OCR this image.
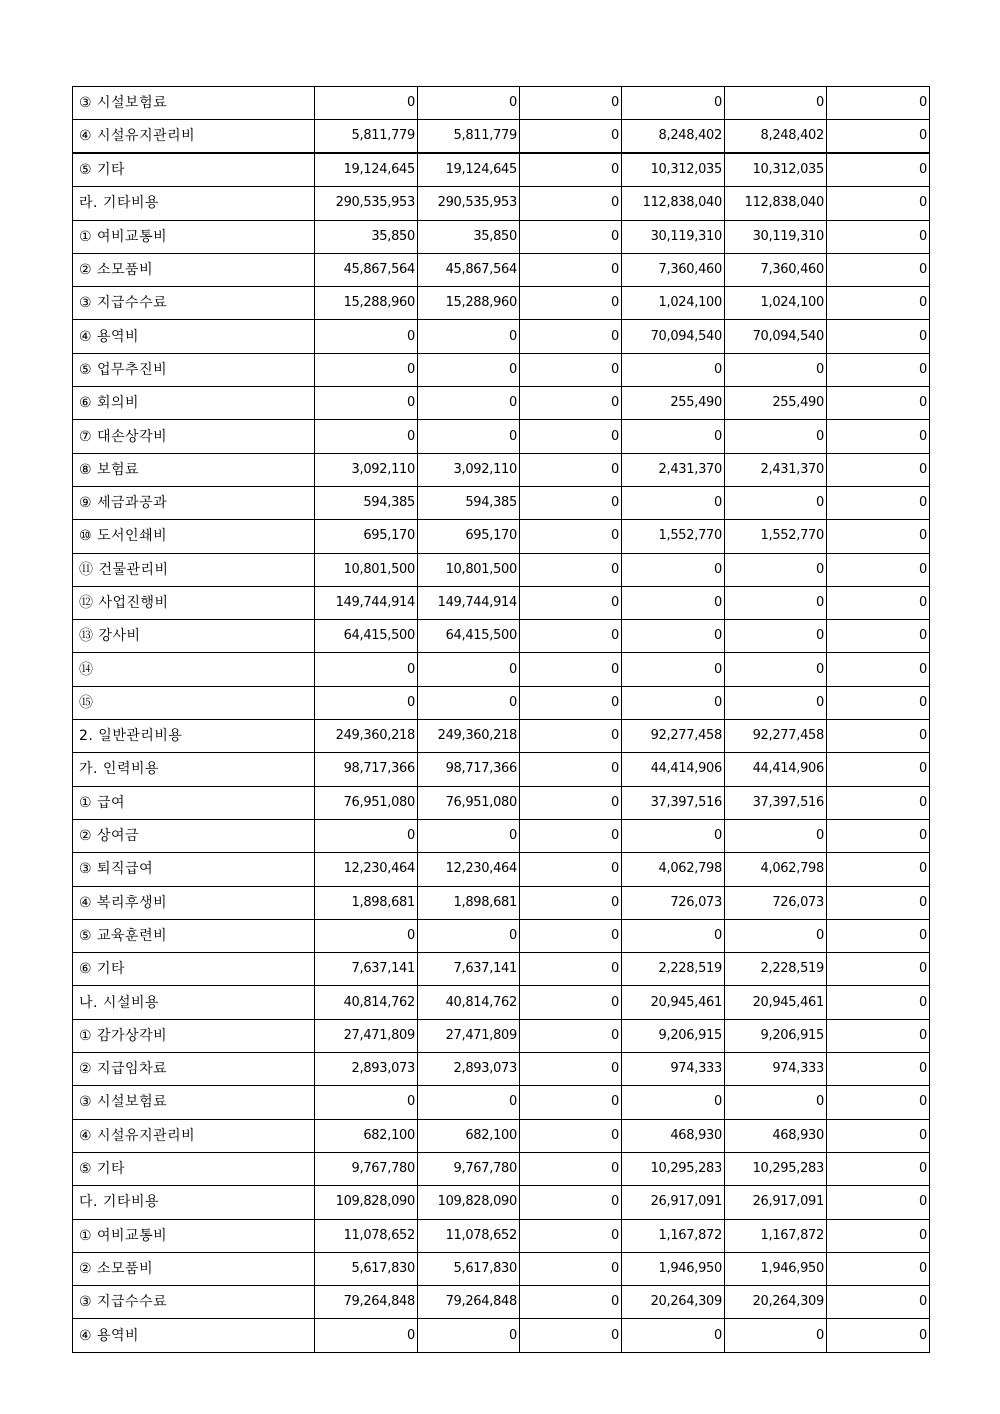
③ 시설보험료	0	0	0	0	0	0
④ 시설유지관리비	5,811,779	5,811,779	0	8,248,402	8,248,402	0
⑤ 기타	19,124,645	19,124,645	0	10,312,035	10,312,035	0
라. 기타비용	290,535,953	290,535,953	0	112,838,040	112,838,040	0
① 여비교통비	35,850	35,850	0	30,119,310	30,119,310	0
② 소모품비	45,867,564	45,867,564	0	7,360,460	7,360,460	0
③ 지급수수료	15,288,960	15,288,960	0	1,024,100	1,024,100	0
④ 용역비	0	0	0	70,094,540	70,094,540	0
⑤ 업무추진비	0	0	0	0	0	0
⑥ 회의비	0	0	0	255,490	255,490	0
⑦ 대손상각비	0	0	0	0	0	0
⑧ 보험료	3,092,110	3,092,110	0	2,431,370	2,431,370	0
⑨ 세금과공과	594,385	594,385	0	0	0	0
⑩ 도서인쇄비	695,170	695,170	0	1,552,770	1,552,770	0
⑪ 건물관리비	10,801,500	10,801,500	0	0	0	0
⑫ 사업진행비	149,744,914	149,744,914	0	0	0	0
⑬ 강사비	64,415,500	64,415,500	0	0	0	0
⑭	0	0	0	0	0	0
⑮	0	0	0	0	0	0
2. 일반관리비용	249,360,218	249,360,218	0	92,277,458	92,277,458	0
가. 인력비용	98,717,366	98,717,366	0	44,414,906	44,414,906	0
① 급여	76,951,080	76,951,080	0	37,397,516	37,397,516	0
② 상여금	0	0	0	0	0	0
③ 퇴직급여	12,230,464	12,230,464	0	4,062,798	4,062,798	0
④ 복리후생비	1,898,681	1,898,681	0	726,073	726,073	0
⑤ 교육훈련비	0	0	0	0	0	0
⑥ 기타	7,637,141	7,637,141	0	2,228,519	2,228,519	0
나. 시설비용	40,814,762	40,814,762	0	20,945,461	20,945,461	0
① 감가상각비	27,471,809	27,471,809	0	9,206,915	9,206,915	0
② 지급임차료	2,893,073	2,893,073	0	974,333	974,333	0
③ 시설보험료	0	0	0	0	0	0
④ 시설유지관리비	682,100	682,100	0	468,930	468,930	0
⑤ 기타	9,767,780	9,767,780	0	10,295,283	10,295,283	0
다. 기타비용	109,828,090	109,828,090	0	26,917,091	26,917,091	0
① 여비교통비	11,078,652	11,078,652	0	1,167,872	1,167,872	0
② 소모품비	5,617,830	5,617,830	0	1,946,950	1,946,950	0
③ 지급수수료	79,264,848	79,264,848	0	20,264,309	20,264,309	0
④ 용역비	0	0	0	0	0	0
